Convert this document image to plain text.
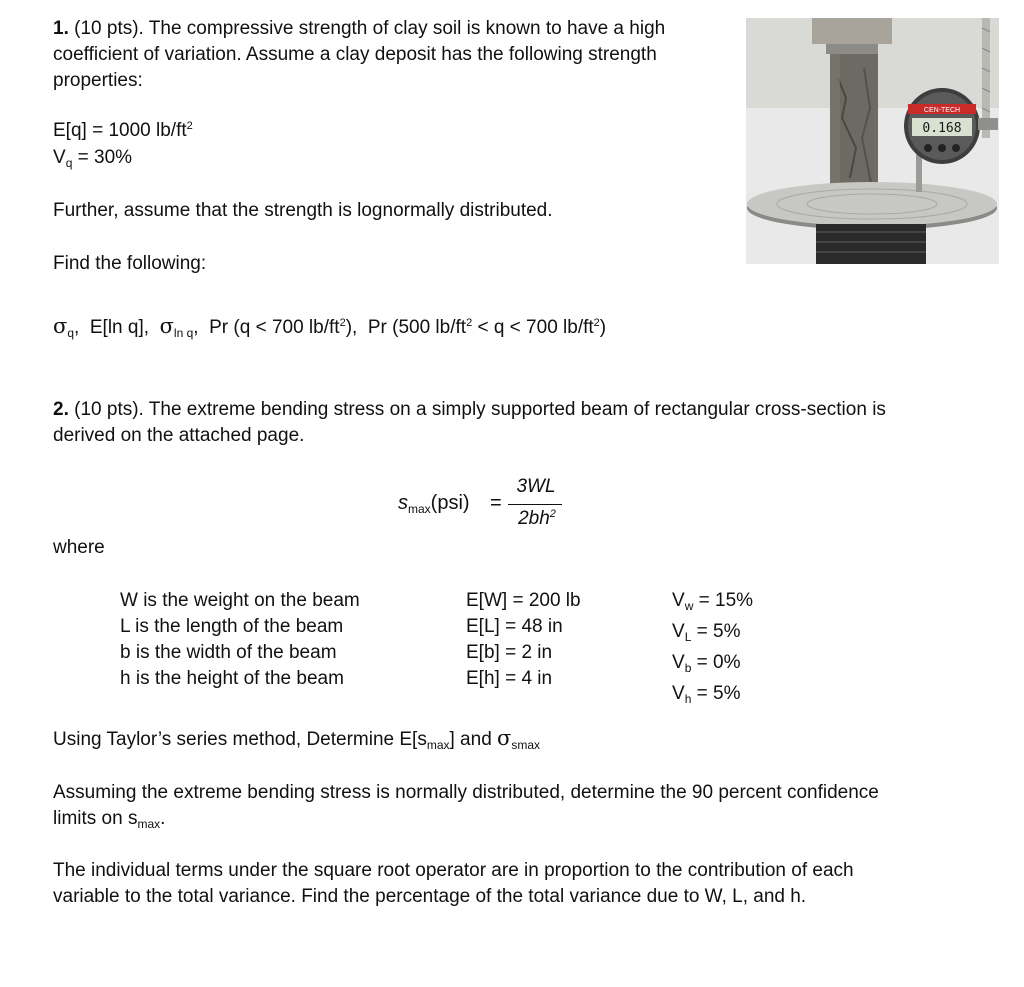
1. (10 pts). The compressive strength of clay soil is known to have a high coefficient of variation. Assume a clay deposit has the following strength properties:
E[q] = 1000 $lb/ft^2$
$V_q = 30\%$
Further, assume that the strength is lognormally distributed.
Find the following:
$\sigma_q$,  E[ln q],  $\sigma_{ln q}$,  Pr (q < 700 $lb/ft^2$),  Pr (500 $lb/ft^2 < q < 700$ $lb/ft^2$)
CEN-TECH
0.168
2. (10 pts). The extreme bending stress on a simply supported beam of rectangular cross-section is derived on the attached page.
$s_{max}(psi)$ =
3WL
$2bh^2$
where
W is the weight on the beam
L is the length of the beam
b is the width of the beam
h is the height of the beam
E[W] = 200 lb
E[L] = 48 in
E[b] = 2 in
E[h] = 4 in
$V_w = 15\%$
$V_L = 5\%$
$V_b = 0\%$
$V_h = 5\%$
Using Taylor’s series method, Determine $E[s_{max}]$ and $\sigma_{smax}$
Assuming the extreme bending stress is normally distributed, determine the 90 percent confidence limits on $s_{max}$.
The individual terms under the square root operator are in proportion to the contribution of each variable to the total variance. Find the percentage of the total variance due to W, L, and h.
